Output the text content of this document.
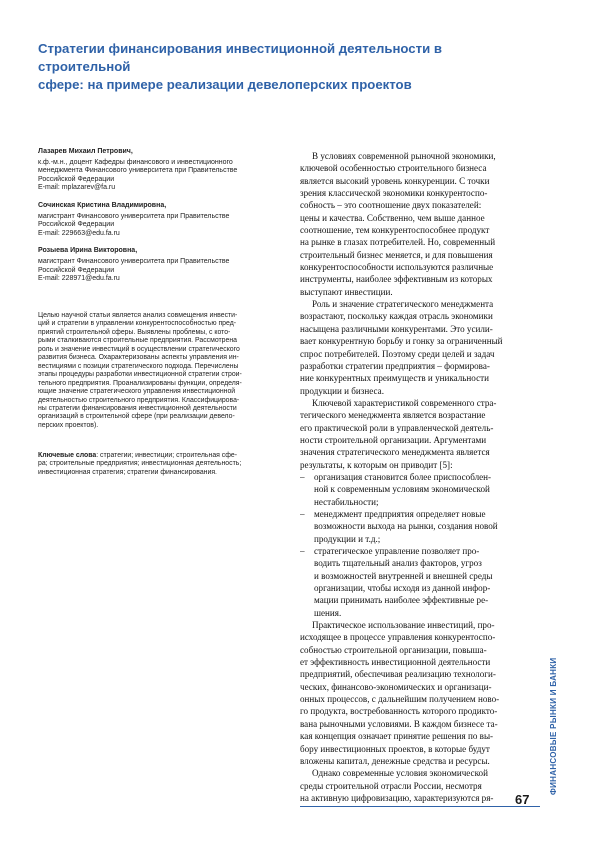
Стратегии финансирования инвестиционной деятельности в строительной
сфере: на примере реализации девелоперских проектов
Лазарев Михаил Петрович,
к.ф.-м.н., доцент Кафедры финансового и инвестиционного
менеджмента Финансового университета при Правительстве
Российской Федерации
E-mail: mplazarev@fa.ru
Сочинская Кристина Владимировна,
магистрант Финансового университета при Правительстве
Российской Федерации
E-mail: 229663@edu.fa.ru
Розыева Ирина Викторовна,
магистрант Финансового университета при Правительстве
Российской Федерации
E-mail: 228971@edu.fa.ru
Целью научной статьи является анализ совмещения инвести-
ций и стратегии в управлении конкурентоспособностью пред-
приятий строительной сферы. Выявлены проблемы, с кото-
рыми сталкиваются строительные предприятия. Рассмотрена
роль и значение инвестиций в осуществлении стратегического
развития бизнеса. Охарактеризованы аспекты управления ин-
вестициями с позиции стратегического подхода. Перечислены
этапы процедуры разработки инвестиционной стратегии строи-
тельного предприятия. Проанализированы функции, определя-
ющие значение стратегического управления инвестиционной
деятельностью строительного предприятия. Классифицирова-
ны стратегии финансирования инвестиционной деятельности
организаций в строительной сфере (при реализации девело-
перских проектов).
Ключевые слова: стратегии; инвестиции; строительная сфе-
ра; строительные предприятия; инвестиционная деятельность;
инвестиционная стратегия; стратегии финансирования.
В условиях современной рыночной экономики,
ключевой особенностью строительного бизнеса
является высокий уровень конкуренции. С точки
зрения классической экономики конкурентоспо-
собность – это соотношение двух показателей:
цены и качества. Собственно, чем выше данное
соотношение, тем конкурентоспособнее продукт
на рынке в глазах потребителей. Но, современный
строительный бизнес меняется, и для повышения
конкурентоспособности используются различные
инструменты, наиболее эффективным из которых
выступают инвестиции.
Роль и значение стратегического менеджмента
возрастают, поскольку каждая отрасль экономики
насыщена различными конкурентами. Это усили-
вает конкурентную борьбу и гонку за ограниченный
спрос потребителей. Поэтому среди целей и задач
разработки стратегии предприятия – формирова-
ние конкурентных преимуществ и уникальности
продукции и бизнеса.
Ключевой характеристикой современного стра-
тегического менеджмента является возрастание
его практической роли в управленческой деятель-
ности строительной организации. Аргументами
значения стратегического менеджмента является
результаты, к которым он приводит [5]:
– организация становится более приспособлен-
ной к современным условиям экономической
нестабильности;
– менеджмент предприятия определяет новые
возможности выхода на рынки, создания новой
продукции и т.д.;
– стратегическое управление позволяет про-
водить тщательный анализ факторов, угроз
и возможностей внутренней и внешней среды
организации, чтобы исходя из данной инфор-
мации принимать наиболее эффективные ре-
шения.
Практическое использование инвестиций, про-
исходящее в процессе управления конкурентоспо-
собностью строительной организации, повыша-
ет эффективность инвестиционной деятельности
предприятий, обеспечивая реализацию технологи-
ческих, финансово-экономических и организаци-
онных процессов, с дальнейшим получением ново-
го продукта, востребованность которого продикто-
вана рыночными условиями. В каждом бизнесе та-
кая концепция означает принятие решения по вы-
бору инвестиционных проектов, в которые будут
вложены капитал, денежные средства и ресурсы.
Однако современные условия экономической
среды строительной отрасли России, несмотря
на активную цифровизацию, характеризуются ря-
ФИНАНСОВЫЕ РЫНКИ И БАНКИ
67
